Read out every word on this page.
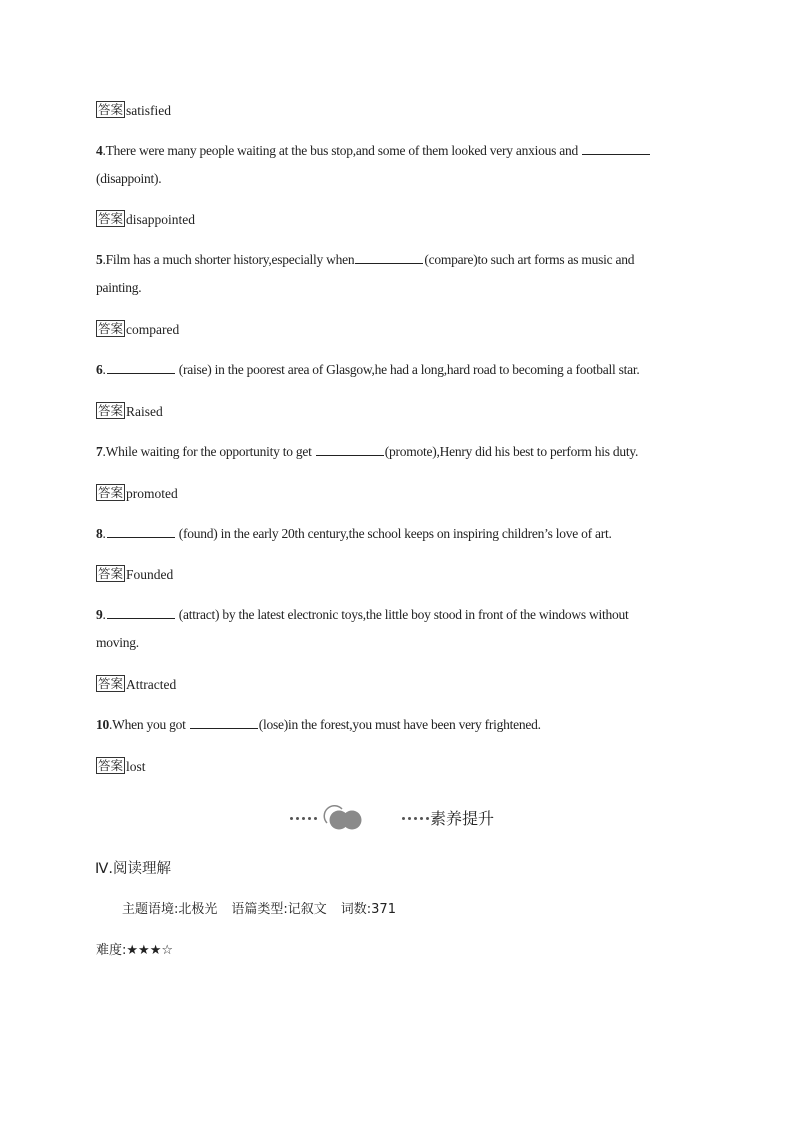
答案 satisfied
4.There were many people waiting at the bus stop,and some of them looked very anxious and
(disappoint).
答案 disappointed
5.Film has a much shorter history,especially when	(compare)to such art forms as music and
painting.
答案 compared
6.	(raise) in the poorest area of Glasgow,he had a long,hard road to becoming a football star.
答案 Raised
7.While waiting for the opportunity to get	(promote),Henry did his best to perform his duty.
答案 promoted
8.	(found) in the early 20th century,the school keeps on inspiring children’s love of art.
答案 Founded
9.	(attract) by the latest electronic toys,the little boy stood in front of the windows without
moving.
答案 Attracted
10.When you got	(lose)in the forest,you must have been very frightened.
答案 lost
素养提升
Ⅳ.阅读理解
主题语境:北极光 语篇类型:记叙文 词数:371
难度:★★★☆
